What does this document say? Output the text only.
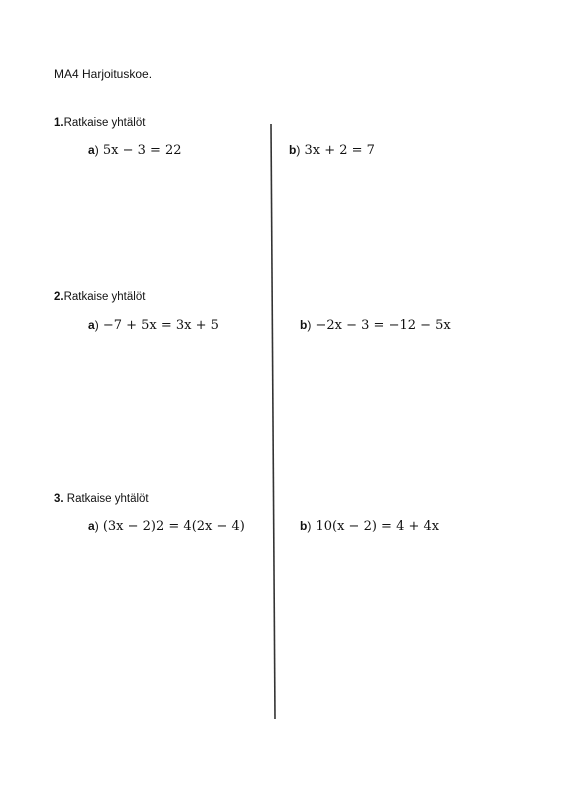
MA4 Harjoituskoe.
1.Ratkaise yhtälöt
a) 5x − 3 = 22	b) 3x + 2 = 7
2.Ratkaise yhtälöt
a) −7 + 5x = 3x + 5	b) −2x − 3 = −12 − 5x
3. Ratkaise yhtälöt
a) (3x − 2)2 = 4(2x − 4)	b) 10(x − 2) = 4 + 4x
